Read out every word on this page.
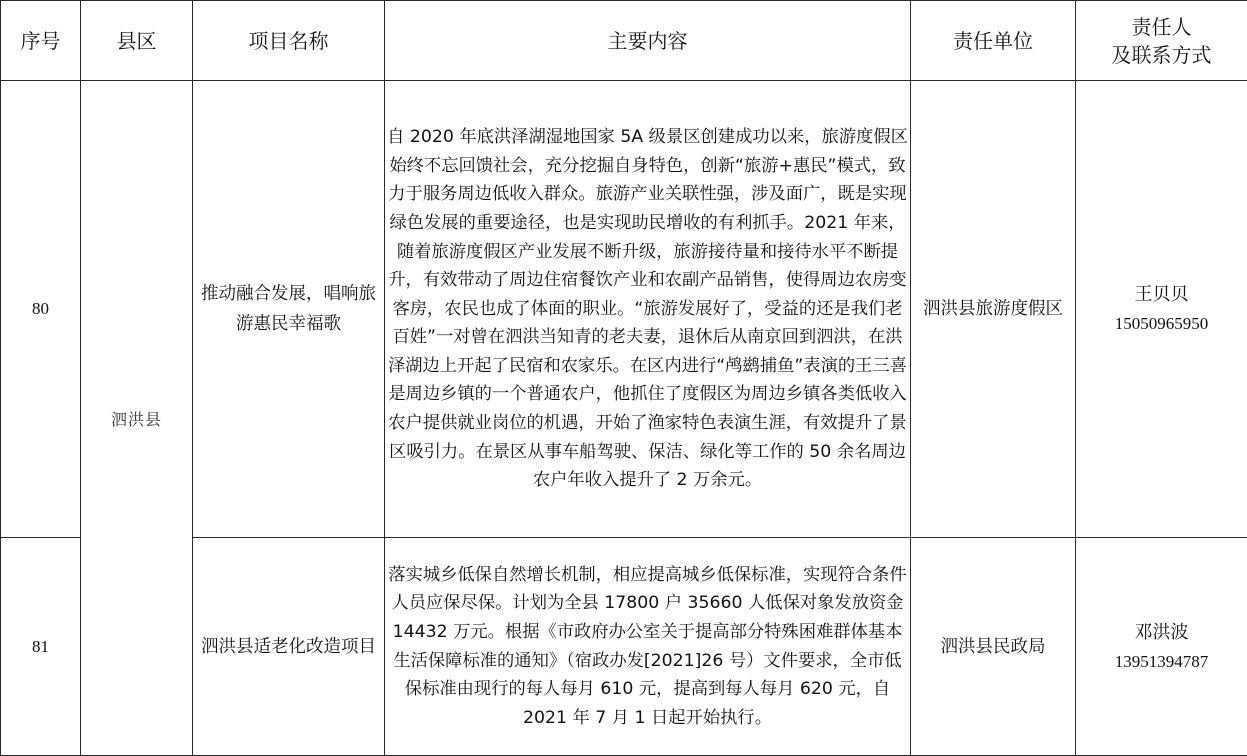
序号	县区	项目名称	主要内容	责任单位	责任人
及联系方式

80	泗洪县	推动融合发展，唱响旅游惠民幸福歌	自 2020 年底洪泽湖湿地国家 5A 级景区创建成功以来，旅游度假区始终不忘回馈社会，充分挖掘自身特色，创新“旅游+惠民”模式，致力于服务周边低收入群众。旅游产业关联性强，涉及面广，既是实现绿色发展的重要途径，也是实现助民增收的有利抓手。2021 年来，随着旅游度假区产业发展不断升级，旅游接待量和接待水平不断提升，有效带动了周边住宿餐饮产业和农副产品销售，使得周边农房变客房，农民也成了体面的职业。“旅游发展好了，受益的还是我们老百姓”一对曾在泗洪当知青的老夫妻，退休后从南京回到泗洪，在洪泽湖边上开起了民宿和农家乐。在区内进行“鸬鹚捕鱼”表演的王三喜是周边乡镇的一个普通农户，他抓住了度假区为周边乡镇各类低收入农户提供就业岗位的机遇，开始了渔家特色表演生涯，有效提升了景区吸引力。在景区从事车船驾驶、保洁、绿化等工作的 50 余名周边农户年收入提升了 2 万余元。	泗洪县旅游度假区	王贝贝
15050965950

81		泗洪县适老化改造项目	落实城乡低保自然增长机制，相应提高城乡低保标准，实现符合条件人员应保尽保。计划为全县 17800 户 35660 人低保对象发放资金 14432 万元。根据《市政府办公室关于提高部分特殊困难群体基本生活保障标准的通知》（宿政办发[2021]26 号）文件要求，全市低保标准由现行的每人每月 610 元，提高到每人每月 620 元，自 2021 年 7 月 1 日起开始执行。	泗洪县民政局	邓洪波
13951394787
